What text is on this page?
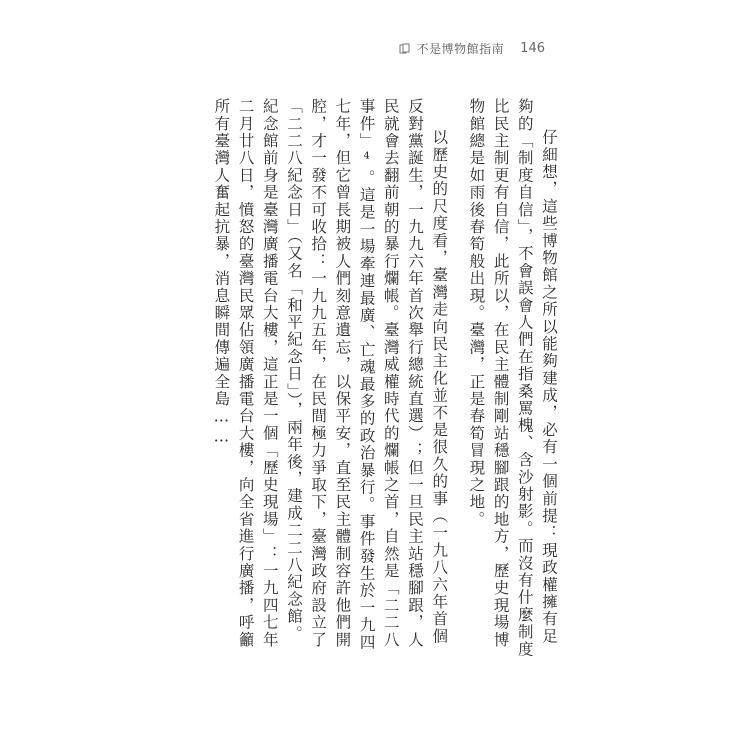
不是博物館指南 146

仔細想，這些博物館之所以能夠建成，必有一個前提：現政權擁有足夠的「制度自信」，不會誤會人們在指桑罵槐、含沙射影。而沒有什麼制度比民主制更有自信，此所以，在民主體制剛站穩腳跟的地方，歷史現場博物館總是如雨後春筍般出現。臺灣，正是春筍冒現之地。

以歷史的尺度看，臺灣走向民主化並不是很久的事（一九八六年首個反對黨誕生，一九九六年首次舉行總統直選）；但一旦民主站穩腳跟，人民就會去翻前朝的暴行爛帳。臺灣威權時代的爛帳之首，自然是「二二八事件」⁴。這是一場牽連最廣、亡魂最多的政治暴行。事件發生於一九四七年，但它曾長期被人們刻意遺忘，以保平安，直至民主體制容許他們開腔，才一發不可收拾：一九九五年，在民間極力爭取下，臺灣政府設立了「二二八紀念日」（又名「和平紀念日」），兩年後，建成二二八紀念館。紀念館前身是臺灣廣播電台大樓，這正是一個「歷史現場」：一九四七年二月廿八日，憤怒的臺灣民眾佔領廣播電台大樓，向全省進行廣播，呼籲所有臺灣人奮起抗暴，消息瞬間傳遍全島……
